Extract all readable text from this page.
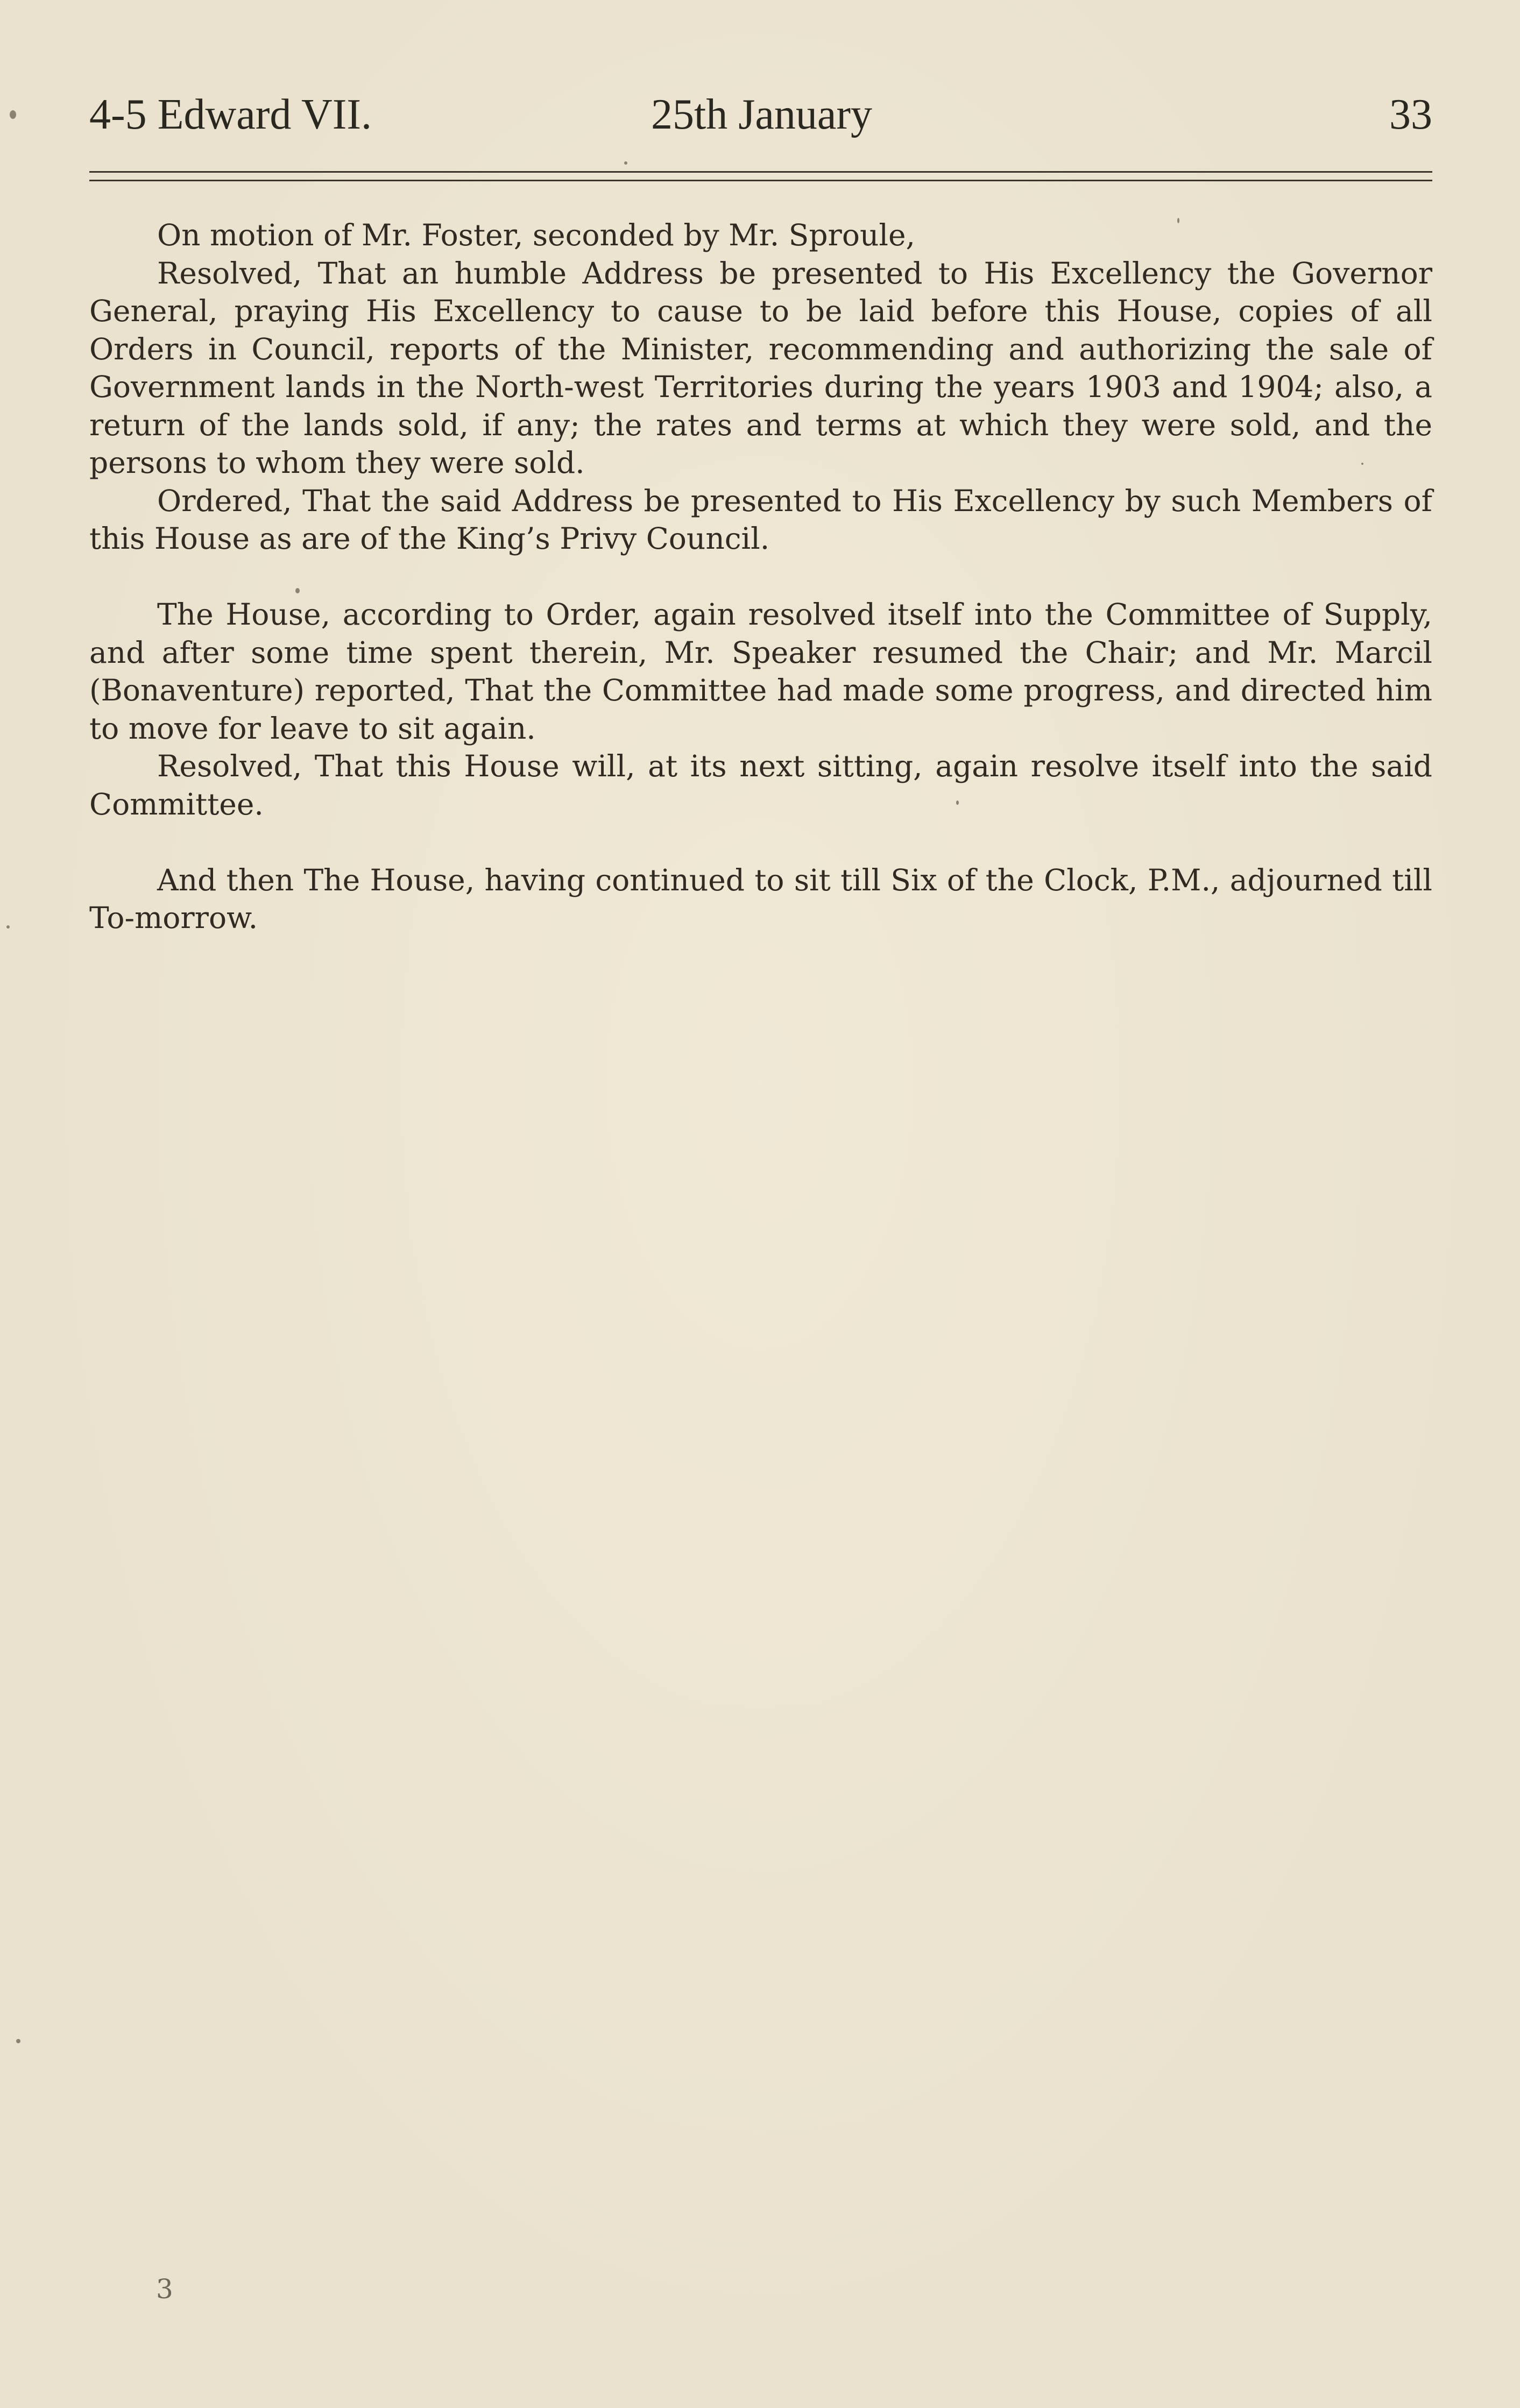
4-5 Edward VII.	25th January	33

On motion of Mr. Foster, seconded by Mr. Sproule,

Resolved, That an humble Address be presented to His Excellency the Governor General, praying His Excellency to cause to be laid before this House, copies of all Orders in Council, reports of the Minister, recommending and authorizing the sale of Government lands in the North-west Territories during the years 1903 and 1904; also, a return of the lands sold, if any; the rates and terms at which they were sold, and the persons to whom they were sold.

Ordered, That the said Address be presented to His Excellency by such Members of this House as are of the King’s Privy Council.

The House, according to Order, again resolved itself into the Committee of Supply, and after some time spent therein, Mr. Speaker resumed the Chair; and Mr. Marcil (Bonaventure) reported, That the Committee had made some progress, and directed him to move for leave to sit again.

Resolved, That this House will, at its next sitting, again resolve itself into the said Committee.

And then The House, having continued to sit till Six of the Clock, P.M., adjourned till To-morrow.

3
